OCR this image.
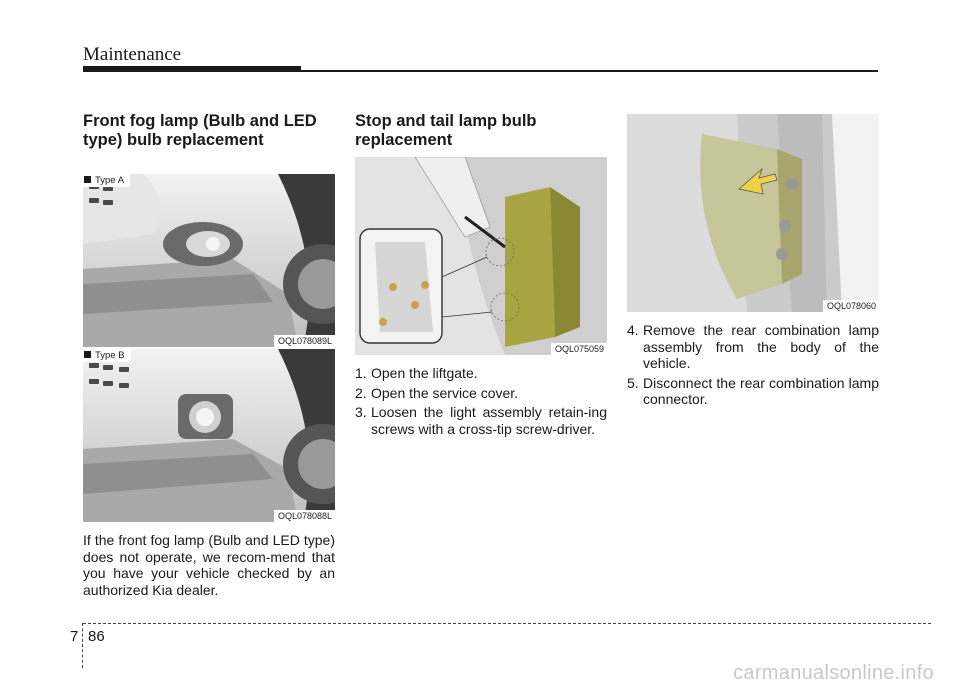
Maintenance
Front fog lamp (Bulb and LED type) bulb replacement
Type A
OQL078089L
Type B
OQL078088L

If the front fog lamp (Bulb and LED type) does not operate, we recom-mend that you have your vehicle checked by an authorized Kia dealer.

Stop and tail lamp bulb replacement
OQL075059
1. Open the liftgate.
2. Open the service cover.
3. Loosen the light assembly retain-ing screws with a cross-tip screw-driver.
OQL078060
4. Remove the rear combination lamp assembly from the body of the vehicle.
5. Disconnect the rear combination lamp connector.
7 86
carmanualsonline.info
